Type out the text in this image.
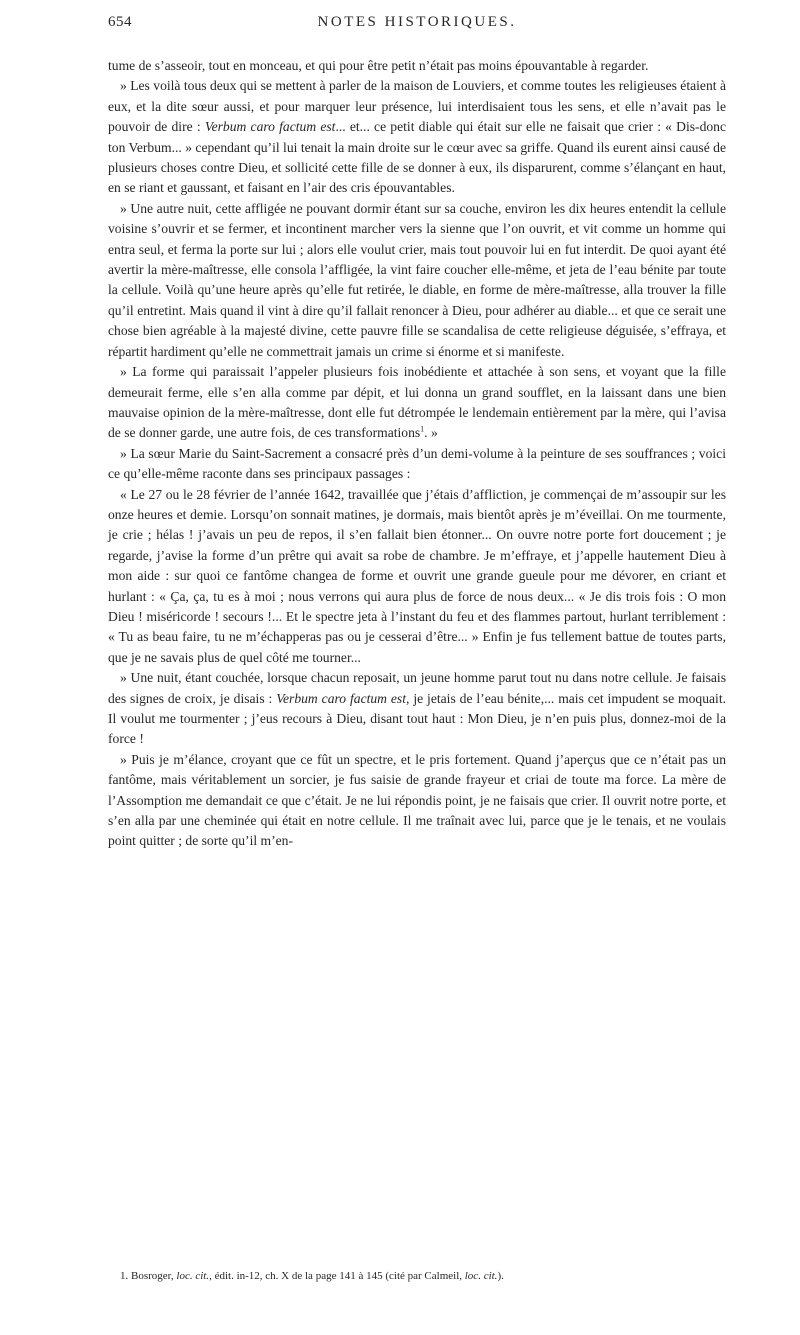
654	NOTES HISTORIQUES.

tume de s’asseoir, tout en monceau, et qui pour être petit n’était pas moins épouvantable à regarder.

» Les voilà tous deux qui se mettent à parler de la maison de Louviers, et comme toutes les religieuses étaient à eux, et la dite sœur aussi, et pour marquer leur présence, lui interdisaient tous les sens, et elle n’avait pas le pouvoir de dire : Verbum caro factum est... et... ce petit diable qui était sur elle ne faisait que crier : « Dis-donc ton Verbum... » cependant qu’il lui tenait la main droite sur le cœur avec sa griffe. Quand ils eurent ainsi causé de plusieurs choses contre Dieu, et sollicité cette fille de se donner à eux, ils disparurent, comme s’élançant en haut, en se riant et gaussant, et faisant en l’air des cris épouvantables.

» Une autre nuit, cette affligée ne pouvant dormir étant sur sa couche, environ les dix heures entendit la cellule voisine s’ouvrir et se fermer, et incontinent marcher vers la sienne que l’on ouvrit, et vit comme un homme qui entra seul, et ferma la porte sur lui ; alors elle voulut crier, mais tout pouvoir lui en fut interdit. De quoi ayant été avertir la mère-maîtresse, elle consola l’affligée, la vint faire coucher elle-même, et jeta de l’eau bénite par toute la cellule. Voilà qu’une heure après qu’elle fut retirée, le diable, en forme de mère-maîtresse, alla trouver la fille qu’il entretint. Mais quand il vint à dire qu’il fallait renoncer à Dieu, pour adhérer au diable... et que ce serait une chose bien agréable à la majesté divine, cette pauvre fille se scandalisa de cette religieuse déguisée, s’effraya, et répartit hardiment qu’elle ne commettrait jamais un crime si énorme et si manifeste.

» La forme qui paraissait l’appeler plusieurs fois inobédiente et attachée à son sens, et voyant que la fille demeurait ferme, elle s’en alla comme par dépit, et lui donna un grand soufflet, en la laissant dans une bien mauvaise opinion de la mère-maîtresse, dont elle fut détrompée le lendemain entièrement par la mère, qui l’avisa de se donner garde, une autre fois, de ces transformations$^1$. »

» La sœur Marie du Saint-Sacrement a consacré près d’un demi-volume à la peinture de ses souffrances ; voici ce qu’elle-même raconte dans ses principaux passages :

« Le 27 ou le 28 février de l’année 1642, travaillée que j’étais d’affliction, je commençai de m’assoupir sur les onze heures et demie. Lorsqu’on sonnait matines, je dormais, mais bientôt après je m’éveillai. On me tourmente, je crie ; hélas ! j’avais un peu de repos, il s’en fallait bien étonner... On ouvre notre porte fort doucement ; je regarde, j’avise la forme d’un prêtre qui avait sa robe de chambre. Je m’effraye, et j’appelle hautement Dieu à mon aide : sur quoi ce fantôme changea de forme et ouvrit une grande gueule pour me dévorer, en criant et hurlant : « Ça, ça, tu es à moi ; nous verrons qui aura plus de force de nous deux... « Je dis trois fois : O mon Dieu ! miséricorde ! secours !... Et le spectre jeta à l’instant du feu et des flammes partout, hurlant terriblement : « Tu as beau faire, tu ne m’échapperas pas ou je cesserai d’être... » Enfin je fus tellement battue de toutes parts, que je ne savais plus de quel côté me tourner...

» Une nuit, étant couchée, lorsque chacun reposait, un jeune homme parut tout nu dans notre cellule. Je faisais des signes de croix, je disais : Verbum caro factum est, je jetais de l’eau bénite,... mais cet impudent se moquait. Il voulut me tourmenter ; j’eus recours à Dieu, disant tout haut : Mon Dieu, je n’en puis plus, donnez-moi de la force !

» Puis je m’élance, croyant que ce fût un spectre, et le pris fortement. Quand j’aperçus que ce n’était pas un fantôme, mais véritablement un sorcier, je fus saisie de grande frayeur et criai de toute ma force. La mère de l’Assomption me demandait ce que c’était. Je ne lui répondis point, je ne faisais que crier. Il ouvrit notre porte, et s’en alla par une cheminée qui était en notre cellule. Il me traînait avec lui, parce que je le tenais, et ne voulais point quitter ; de sorte qu’il m’en-

1. Bosroger, loc. cit., édit. in-12, ch. X de la page 141 à 145 (cité par Calmeil, loc. cit.).
